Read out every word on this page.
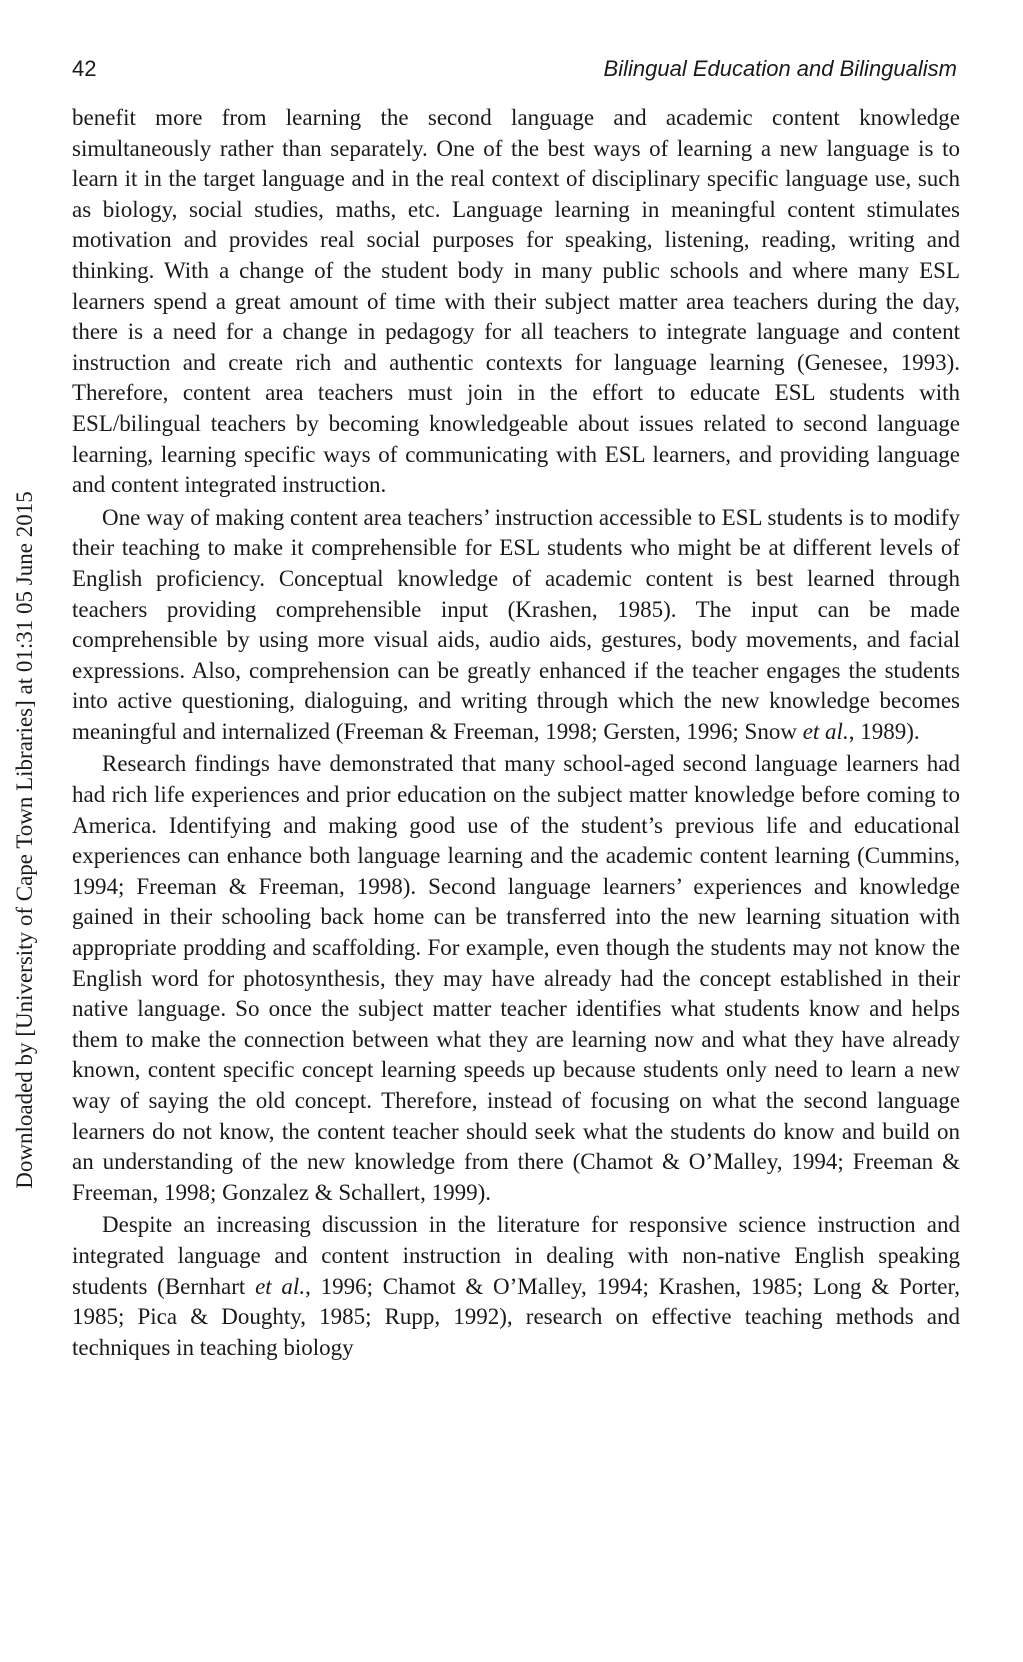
42	Bilingual Education and Bilingualism
Downloaded by [University of Cape Town Libraries] at 01:31 05 June 2015

benefit more from learning the second language and academic content knowledge simultaneously rather than separately. One of the best ways of learning a new language is to learn it in the target language and in the real context of disciplinary specific language use, such as biology, social studies, maths, etc. Language learning in meaningful content stimulates motivation and provides real social purposes for speaking, listening, reading, writing and thinking. With a change of the student body in many public schools and where many ESL learners spend a great amount of time with their subject matter area teachers during the day, there is a need for a change in pedagogy for all teachers to integrate language and content instruction and create rich and authentic contexts for language learning (Genesee, 1993). Therefore, content area teachers must join in the effort to educate ESL students with ESL/bilingual teachers by becoming knowledgeable about issues related to second language learning, learning specific ways of communicating with ESL learners, and providing language and content integrated instruction.

One way of making content area teachers’ instruction accessible to ESL students is to modify their teaching to make it comprehensible for ESL students who might be at different levels of English proficiency. Conceptual knowledge of academic content is best learned through teachers providing comprehensible input (Krashen, 1985). The input can be made comprehensible by using more visual aids, audio aids, gestures, body movements, and facial expressions. Also, comprehension can be greatly enhanced if the teacher engages the students into active questioning, dialoguing, and writing through which the new knowledge becomes meaningful and internalized (Freeman & Freeman, 1998; Gersten, 1996; Snow et al., 1989).

Research findings have demonstrated that many school-aged second language learners had had rich life experiences and prior education on the subject matter knowledge before coming to America. Identifying and making good use of the student’s previous life and educational experiences can enhance both language learning and the academic content learning (Cummins, 1994; Freeman & Freeman, 1998). Second language learners’ experiences and knowledge gained in their schooling back home can be transferred into the new learning situation with appropriate prodding and scaffolding. For example, even though the students may not know the English word for photosynthesis, they may have already had the concept established in their native language. So once the subject matter teacher identifies what students know and helps them to make the connection between what they are learning now and what they have already known, content specific concept learning speeds up because students only need to learn a new way of saying the old concept. Therefore, instead of focusing on what the second language learners do not know, the content teacher should seek what the students do know and build on an understanding of the new knowledge from there (Chamot & O’Malley, 1994; Freeman & Freeman, 1998; Gonzalez & Schallert, 1999).

Despite an increasing discussion in the literature for responsive science instruction and integrated language and content instruction in dealing with non-native English speaking students (Bernhart et al., 1996; Chamot & O’Malley, 1994; Krashen, 1985; Long & Porter, 1985; Pica & Doughty, 1985; Rupp, 1992), research on effective teaching methods and techniques in teaching biology
